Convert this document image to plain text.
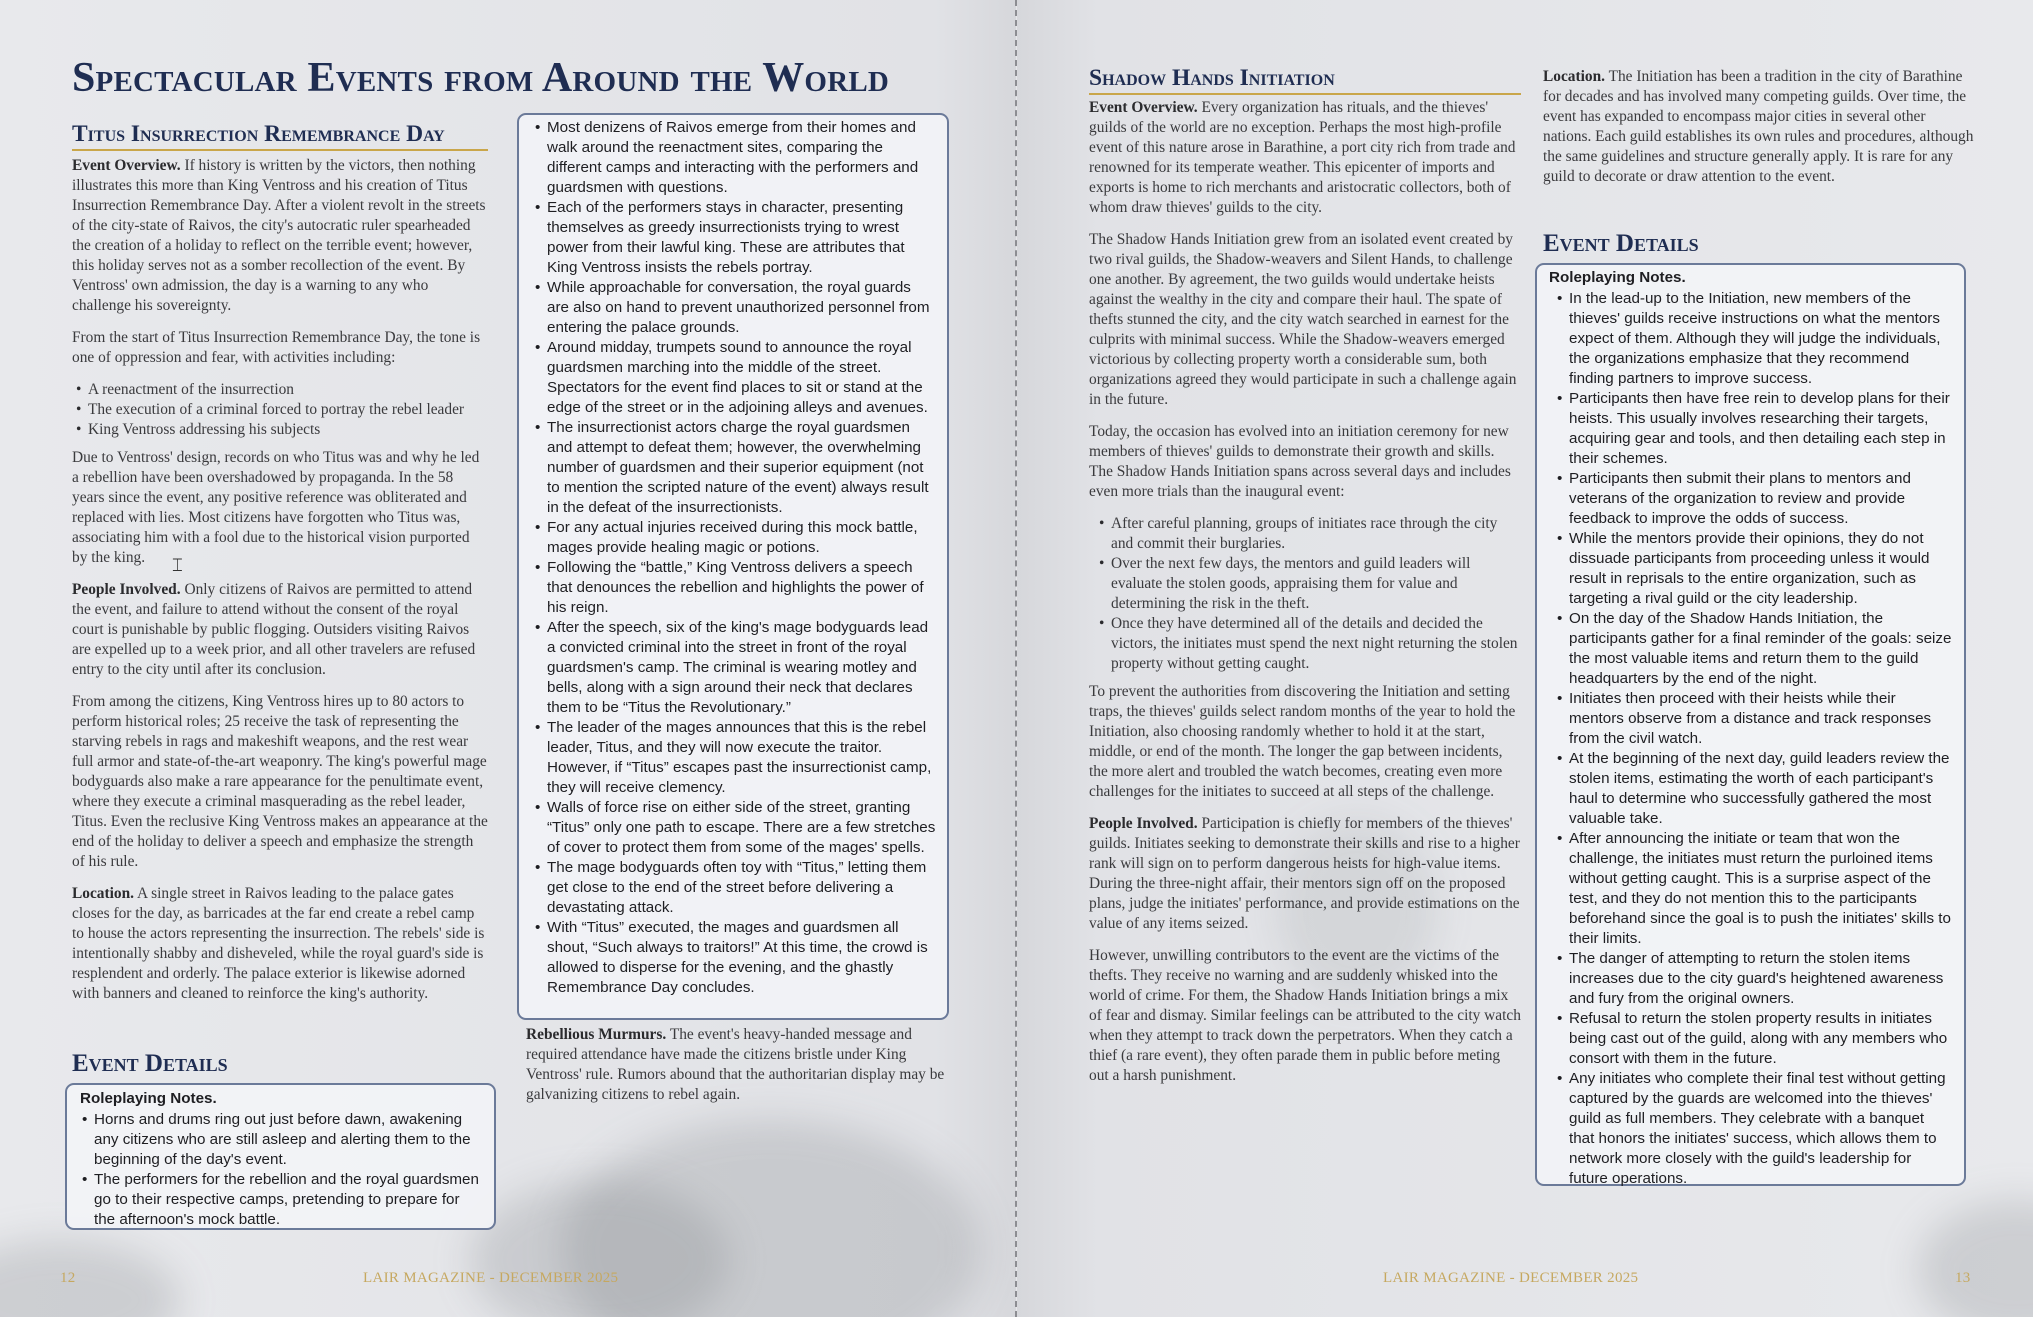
Spectacular Events from Around the World
Titus Insurrection Remembrance Day

Event Overview. If history is written by the victors, then nothing illustrates this more than King Ventross and his creation of Titus Insurrection Remembrance Day. After a violent revolt in the streets of the city-state of Raivos, the city's autocratic ruler spearheaded the creation of a holiday to reflect on the terrible event; however, this holiday serves not as a somber recollection of the event. By Ventross' own admission, the day is a warning to any who challenge his sovereignty.

From the start of Titus Insurrection Remembrance Day, the tone is one of oppression and fear, with activities including:

• A reenactment of the insurrection
• The execution of a criminal forced to portray the rebel leader
• King Ventross addressing his subjects

Due to Ventross' design, records on who Titus was and why he led a rebellion have been overshadowed by propaganda. In the 58 years since the event, any positive reference was obliterated and replaced with lies. Most citizens have forgotten who Titus was, associating him with a fool due to the historical vision purported by the king.

People Involved. Only citizens of Raivos are permitted to attend the event, and failure to attend without the consent of the royal court is punishable by public flogging. Outsiders visiting Raivos are expelled up to a week prior, and all other travelers are refused entry to the city until after its conclusion.

From among the citizens, King Ventross hires up to 80 actors to perform historical roles; 25 receive the task of representing the starving rebels in rags and makeshift weapons, and the rest wear full armor and state-of-the-art weaponry. The king's powerful mage bodyguards also make a rare appearance for the penultimate event, where they execute a criminal masquerading as the rebel leader, Titus. Even the reclusive King Ventross makes an appearance at the end of the holiday to deliver a speech and emphasize the strength of his rule.

Location. A single street in Raivos leading to the palace gates closes for the day, as barricades at the far end create a rebel camp to house the actors representing the insurrection. The rebels' side is intentionally shabby and disheveled, while the royal guard's side is resplendent and orderly. The palace exterior is likewise adorned with banners and cleaned to reinforce the king's authority.

Event Details
Roleplaying Notes.
• Horns and drums ring out just before dawn, awakening any citizens who are still asleep and alerting them to the beginning of the day's event.
• The performers for the rebellion and the royal guardsmen go to their respective camps, pretending to prepare for the afternoon's mock battle.
• Most denizens of Raivos emerge from their homes and walk around the reenactment sites, comparing the different camps and interacting with the performers and guardsmen with questions.
• Each of the performers stays in character, presenting themselves as greedy insurrectionists trying to wrest power from their lawful king. These are attributes that King Ventross insists the rebels portray.
• While approachable for conversation, the royal guards are also on hand to prevent unauthorized personnel from entering the palace grounds.
• Around midday, trumpets sound to announce the royal guardsmen marching into the middle of the street. Spectators for the event find places to sit or stand at the edge of the street or in the adjoining alleys and avenues.
• The insurrectionist actors charge the royal guardsmen and attempt to defeat them; however, the overwhelming number of guardsmen and their superior equipment (not to mention the scripted nature of the event) always result in the defeat of the insurrectionists.
• For any actual injuries received during this mock battle, mages provide healing magic or potions.
• Following the “battle,” King Ventross delivers a speech that denounces the rebellion and highlights the power of his reign.
• After the speech, six of the king's mage bodyguards lead a convicted criminal into the street in front of the royal guardsmen's camp. The criminal is wearing motley and bells, along with a sign around their neck that declares them to be “Titus the Revolutionary.”
• The leader of the mages announces that this is the rebel leader, Titus, and they will now execute the traitor. However, if “Titus” escapes past the insurrectionist camp, they will receive clemency.
• Walls of force rise on either side of the street, granting “Titus” only one path to escape. There are a few stretches of cover to protect them from some of the mages' spells.
• The mage bodyguards often toy with “Titus,” letting them get close to the end of the street before delivering a devastating attack.
• With “Titus” executed, the mages and guardsmen all shout, “Such always to traitors!” At this time, the crowd is allowed to disperse for the evening, and the ghastly Remembrance Day concludes.

Rebellious Murmurs. The event's heavy-handed message and required attendance have made the citizens bristle under King Ventross' rule. Rumors abound that the authoritarian display may be galvanizing citizens to rebel again.

⌶
12	LAIR MAGAZINE - DECEMBER 2025
Shadow Hands Initiation

Event Overview. Every organization has rituals, and the thieves' guilds of the world are no exception. Perhaps the most high-profile event of this nature arose in Barathine, a port city rich from trade and renowned for its temperate weather. This epicenter of imports and exports is home to rich merchants and aristocratic collectors, both of whom draw thieves' guilds to the city.

The Shadow Hands Initiation grew from an isolated event created by two rival guilds, the Shadow-weavers and Silent Hands, to challenge one another. By agreement, the two guilds would undertake heists against the wealthy in the city and compare their haul. The spate of thefts stunned the city, and the city watch searched in earnest for the culprits with minimal success. While the Shadow-weavers emerged victorious by collecting property worth a considerable sum, both organizations agreed they would participate in such a challenge again in the future.

Today, the occasion has evolved into an initiation ceremony for new members of thieves' guilds to demonstrate their growth and skills. The Shadow Hands Initiation spans across several days and includes even more trials than the inaugural event:

• After careful planning, groups of initiates race through the city and commit their burglaries.
• Over the next few days, the mentors and guild leaders will evaluate the stolen goods, appraising them for value and determining the risk in the theft.
• Once they have determined all of the details and decided the victors, the initiates must spend the next night returning the stolen property without getting caught.

To prevent the authorities from discovering the Initiation and setting traps, the thieves' guilds select random months of the year to hold the Initiation, also choosing randomly whether to hold it at the start, middle, or end of the month. The longer the gap between incidents, the more alert and troubled the watch becomes, creating even more challenges for the initiates to succeed at all steps of the challenge.

People Involved. Participation is chiefly for members of the thieves' guilds. Initiates seeking to demonstrate their skills and rise to a higher rank will sign on to perform dangerous heists for high-value items. During the three-night affair, their mentors sign off on the proposed plans, judge the initiates' performance, and provide estimations on the value of any items seized.

However, unwilling contributors to the event are the victims of the thefts. They receive no warning and are suddenly whisked into the world of crime. For them, the Shadow Hands Initiation brings a mix of fear and dismay. Similar feelings can be attributed to the city watch when they attempt to track down the perpetrators. When they catch a thief (a rare event), they often parade them in public before meting out a harsh punishment.

Location. The Initiation has been a tradition in the city of Barathine for decades and has involved many competing guilds. Over time, the event has expanded to encompass major cities in several other nations. Each guild establishes its own rules and procedures, although the same guidelines and structure generally apply. It is rare for any guild to decorate or draw attention to the event.

Event Details
Roleplaying Notes.
• In the lead-up to the Initiation, new members of the thieves' guilds receive instructions on what the mentors expect of them. Although they will judge the individuals, the organizations emphasize that they recommend finding partners to improve success.
• Participants then have free rein to develop plans for their heists. This usually involves researching their targets, acquiring gear and tools, and then detailing each step in their schemes.
• Participants then submit their plans to mentors and veterans of the organization to review and provide feedback to improve the odds of success.
• While the mentors provide their opinions, they do not dissuade participants from proceeding unless it would result in reprisals to the entire organization, such as targeting a rival guild or the city leadership.
• On the day of the Shadow Hands Initiation, the participants gather for a final reminder of the goals: seize the most valuable items and return them to the guild headquarters by the end of the night.
• Initiates then proceed with their heists while their mentors observe from a distance and track responses from the civil watch.
• At the beginning of the next day, guild leaders review the stolen items, estimating the worth of each participant's haul to determine who successfully gathered the most valuable take.
• After announcing the initiate or team that won the challenge, the initiates must return the purloined items without getting caught. This is a surprise aspect of the test, and they do not mention this to the participants beforehand since the goal is to push the initiates' skills to their limits.
• The danger of attempting to return the stolen items increases due to the city guard's heightened awareness and fury from the original owners.
• Refusal to return the stolen property results in initiates being cast out of the guild, along with any members who consort with them in the future.
• Any initiates who complete their final test without getting captured by the guards are welcomed into the thieves' guild as full members. They celebrate with a banquet that honors the initiates' success, which allows them to network more closely with the guild's leadership for future operations.
LAIR MAGAZINE - DECEMBER 2025	13
